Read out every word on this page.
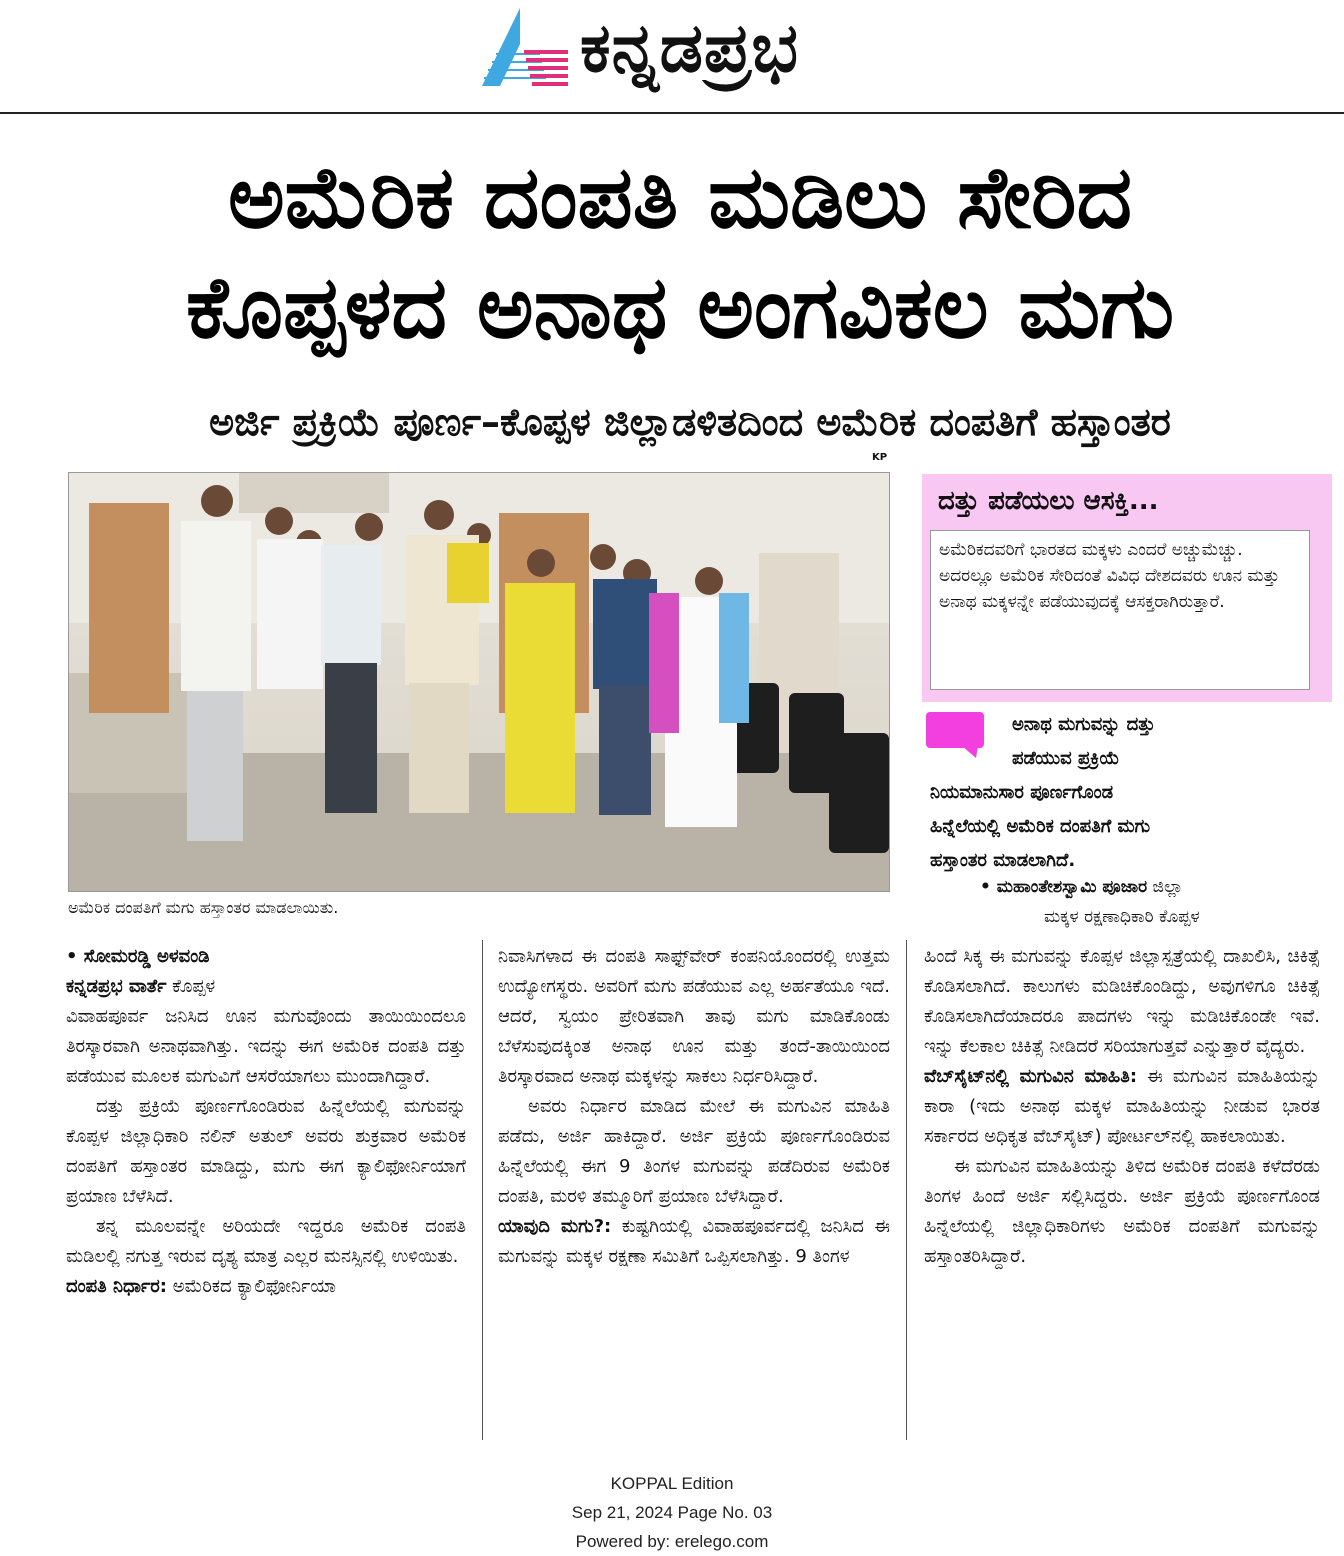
ಕನ್ನಡಪ್ರಭ
ಅಮೆರಿಕ ದಂಪತಿ ಮಡಿಲು ಸೇರಿದ
ಕೊಪ್ಪಳದ ಅನಾಥ ಅಂಗವಿಕಲ ಮಗು
ಅರ್ಜಿ ಪ್ರಕ್ರಿಯೆ ಪೂರ್ಣ–ಕೊಪ್ಪಳ ಜಿಲ್ಲಾಡಳಿತದಿಂದ ಅಮೆರಿಕ ದಂಪತಿಗೆ ಹಸ್ತಾಂತರ
KP
ಅಮೆರಿಕ ದಂಪತಿಗೆ ಮಗು ಹಸ್ತಾಂತರ ಮಾಡಲಾಯಿತು.
ದತ್ತು ಪಡೆಯಲು ಆಸಕ್ತಿ...
ಅಮೆರಿಕದವರಿಗೆ ಭಾರತದ ಮಕ್ಕಳು ಎಂದರೆ ಅಚ್ಚುಮೆಚ್ಚು. ಅದರಲ್ಲೂ ಅಮೆರಿಕ ಸೇರಿದಂತೆ ವಿವಿಧ ದೇಶದವರು ಊನ ಮತ್ತು ಅನಾಥ ಮಕ್ಕಳನ್ನೇ ಪಡೆಯುವುದಕ್ಕೆ ಆಸಕ್ತರಾಗಿರುತ್ತಾರೆ.
ಅನಾಥ ಮಗುವನ್ನು ದತ್ತು
ಪಡೆಯುವ ಪ್ರಕ್ರಿಯೆ
ನಿಯಮಾನುಸಾರ ಪೂರ್ಣಗೊಂಡ
ಹಿನ್ನೆಲೆಯಲ್ಲಿ ಅಮೆರಿಕ ದಂಪತಿಗೆ ಮಗು
ಹಸ್ತಾಂತರ ಮಾಡಲಾಗಿದೆ.
• ಮಹಾಂತೇಶಸ್ವಾಮಿ ಪೂಜಾರ ಜಿಲ್ಲಾ
ಮಕ್ಕಳ ರಕ್ಷಣಾಧಿಕಾರಿ ಕೊಪ್ಪಳ

• ಸೋಮರಡ್ಡಿ ಅಳವಂಡಿ

ಕನ್ನಡಪ್ರಭ ವಾರ್ತೆ ಕೊಪ್ಪಳ

ವಿವಾಹಪೂರ್ವ ಜನಿಸಿದ ಊನ ಮಗುವೊಂದು ತಾಯಿಯಿಂದಲೂ ತಿರಸ್ಕಾರವಾಗಿ ಅನಾಥವಾಗಿತ್ತು. ಇದನ್ನು ಈಗ ಅಮೆರಿಕ ದಂಪತಿ ದತ್ತು ಪಡೆಯುವ ಮೂಲಕ ಮಗುವಿಗೆ ಆಸರೆಯಾಗಲು ಮುಂದಾಗಿದ್ದಾರೆ.

ದತ್ತು ಪ್ರಕ್ರಿಯೆ ಪೂರ್ಣಗೊಂಡಿರುವ ಹಿನ್ನೆಲೆಯಲ್ಲಿ ಮಗುವನ್ನು ಕೊಪ್ಪಳ ಜಿಲ್ಲಾಧಿಕಾರಿ ನಲಿನ್ ಅತುಲ್ ಅವರು ಶುಕ್ರವಾರ ಅಮೆರಿಕ ದಂಪತಿಗೆ ಹಸ್ತಾಂತರ ಮಾಡಿದ್ದು, ಮಗು ಈಗ ಕ್ಯಾಲಿಫೋರ್ನಿಯಾಗೆ ಪ್ರಯಾಣ ಬೆಳೆಸಿದೆ.

ತನ್ನ ಮೂಲವನ್ನೇ ಅರಿಯದೇ ಇದ್ದರೂ ಅಮೆರಿಕ ದಂಪತಿ ಮಡಿಲಲ್ಲಿ ನಗುತ್ತ ಇರುವ ದೃಶ್ಯ ಮಾತ್ರ ಎಲ್ಲರ ಮನಸ್ಸಿನಲ್ಲಿ ಉಳಿಯಿತು.

ದಂಪತಿ ನಿರ್ಧಾರ: ಅಮೆರಿಕದ ಕ್ಯಾಲಿಫೋರ್ನಿಯಾ

ನಿವಾಸಿಗಳಾದ ಈ ದಂಪತಿ ಸಾಫ್ಟ್‌ವೇರ್ ಕಂಪನಿಯೊಂದರಲ್ಲಿ ಉತ್ತಮ ಉದ್ಯೋಗಸ್ಥರು. ಅವರಿಗೆ ಮಗು ಪಡೆಯುವ ಎಲ್ಲ ಅರ್ಹತೆಯೂ ಇದೆ. ಆದರೆ, ಸ್ವಯಂ ಪ್ರೇರಿತವಾಗಿ ತಾವು ಮಗು ಮಾಡಿಕೊಂಡು ಬೆಳೆಸುವುದಕ್ಕಿಂತ ಅನಾಥ ಊನ ಮತ್ತು ತಂದೆ-ತಾಯಿಯಿಂದ ತಿರಸ್ಕಾರವಾದ ಅನಾಥ ಮಕ್ಕಳನ್ನು ಸಾಕಲು ನಿರ್ಧರಿಸಿದ್ದಾರೆ.

ಅವರು ನಿರ್ಧಾರ ಮಾಡಿದ ಮೇಲೆ ಈ ಮಗುವಿನ ಮಾಹಿತಿ ಪಡೆದು, ಅರ್ಜಿ ಹಾಕಿದ್ದಾರೆ. ಅರ್ಜಿ ಪ್ರಕ್ರಿಯೆ ಪೂರ್ಣಗೊಂಡಿರುವ ಹಿನ್ನೆಲೆಯಲ್ಲಿ ಈಗ 9 ತಿಂಗಳ ಮಗುವನ್ನು ಪಡೆದಿರುವ ಅಮೆರಿಕ ದಂಪತಿ, ಮರಳಿ ತಮ್ಮೂರಿಗೆ ಪ್ರಯಾಣ ಬೆಳೆಸಿದ್ದಾರೆ.

ಯಾವುದಿ ಮಗು?: ಕುಷ್ಟಗಿಯಲ್ಲಿ ವಿವಾಹಪೂರ್ವದಲ್ಲಿ ಜನಿಸಿದ ಈ ಮಗುವನ್ನು ಮಕ್ಕಳ ರಕ್ಷಣಾ ಸಮಿತಿಗೆ ಒಪ್ಪಿಸಲಾಗಿತ್ತು. 9 ತಿಂಗಳ

ಹಿಂದೆ ಸಿಕ್ಕ ಈ ಮಗುವನ್ನು ಕೊಪ್ಪಳ ಜಿಲ್ಲಾಸ್ಪತ್ರೆಯಲ್ಲಿ ದಾಖಲಿಸಿ, ಚಿಕಿತ್ಸೆ ಕೊಡಿಸಲಾಗಿದೆ. ಕಾಲುಗಳು ಮಡಿಚಿಕೊಂಡಿದ್ದು, ಅವುಗಳಿಗೂ ಚಿಕಿತ್ಸೆ ಕೊಡಿಸಲಾಗಿದೆಯಾದರೂ ಪಾದಗಳು ಇನ್ನು ಮಡಿಚಿಕೊಂಡೇ ಇವೆ. ಇನ್ನು ಕೆಲಕಾಲ ಚಿಕಿತ್ಸೆ ನೀಡಿದರೆ ಸರಿಯಾಗುತ್ತವೆ ಎನ್ನುತ್ತಾರೆ ವೈದ್ಯರು.

ವೆಬ್‌ಸೈಟ್‌ನಲ್ಲಿ ಮಗುವಿನ ಮಾಹಿತಿ: ಈ ಮಗುವಿನ ಮಾಹಿತಿಯನ್ನು ಕಾರಾ (ಇದು ಅನಾಥ ಮಕ್ಕಳ ಮಾಹಿತಿಯನ್ನು ನೀಡುವ ಭಾರತ ಸರ್ಕಾರದ ಅಧಿಕೃತ ವೆಬ್‌ಸೈಟ್) ಪೋರ್ಟಲ್‌ನಲ್ಲಿ ಹಾಕಲಾಯಿತು.

ಈ ಮಗುವಿನ ಮಾಹಿತಿಯನ್ನು ತಿಳಿದ ಅಮೆರಿಕ ದಂಪತಿ ಕಳೆದೆರಡು ತಿಂಗಳ ಹಿಂದೆ ಅರ್ಜಿ ಸಲ್ಲಿಸಿದ್ದರು. ಅರ್ಜಿ ಪ್ರಕ್ರಿಯೆ ಪೂರ್ಣಗೊಂಡ ಹಿನ್ನೆಲೆಯಲ್ಲಿ ಜಿಲ್ಲಾಧಿಕಾರಿಗಳು ಅಮೆರಿಕ ದಂಪತಿಗೆ ಮಗುವನ್ನು ಹಸ್ತಾಂತರಿಸಿದ್ದಾರೆ.

KOPPAL Edition
Sep 21, 2024 Page No. 03
Powered by: erelego.com
